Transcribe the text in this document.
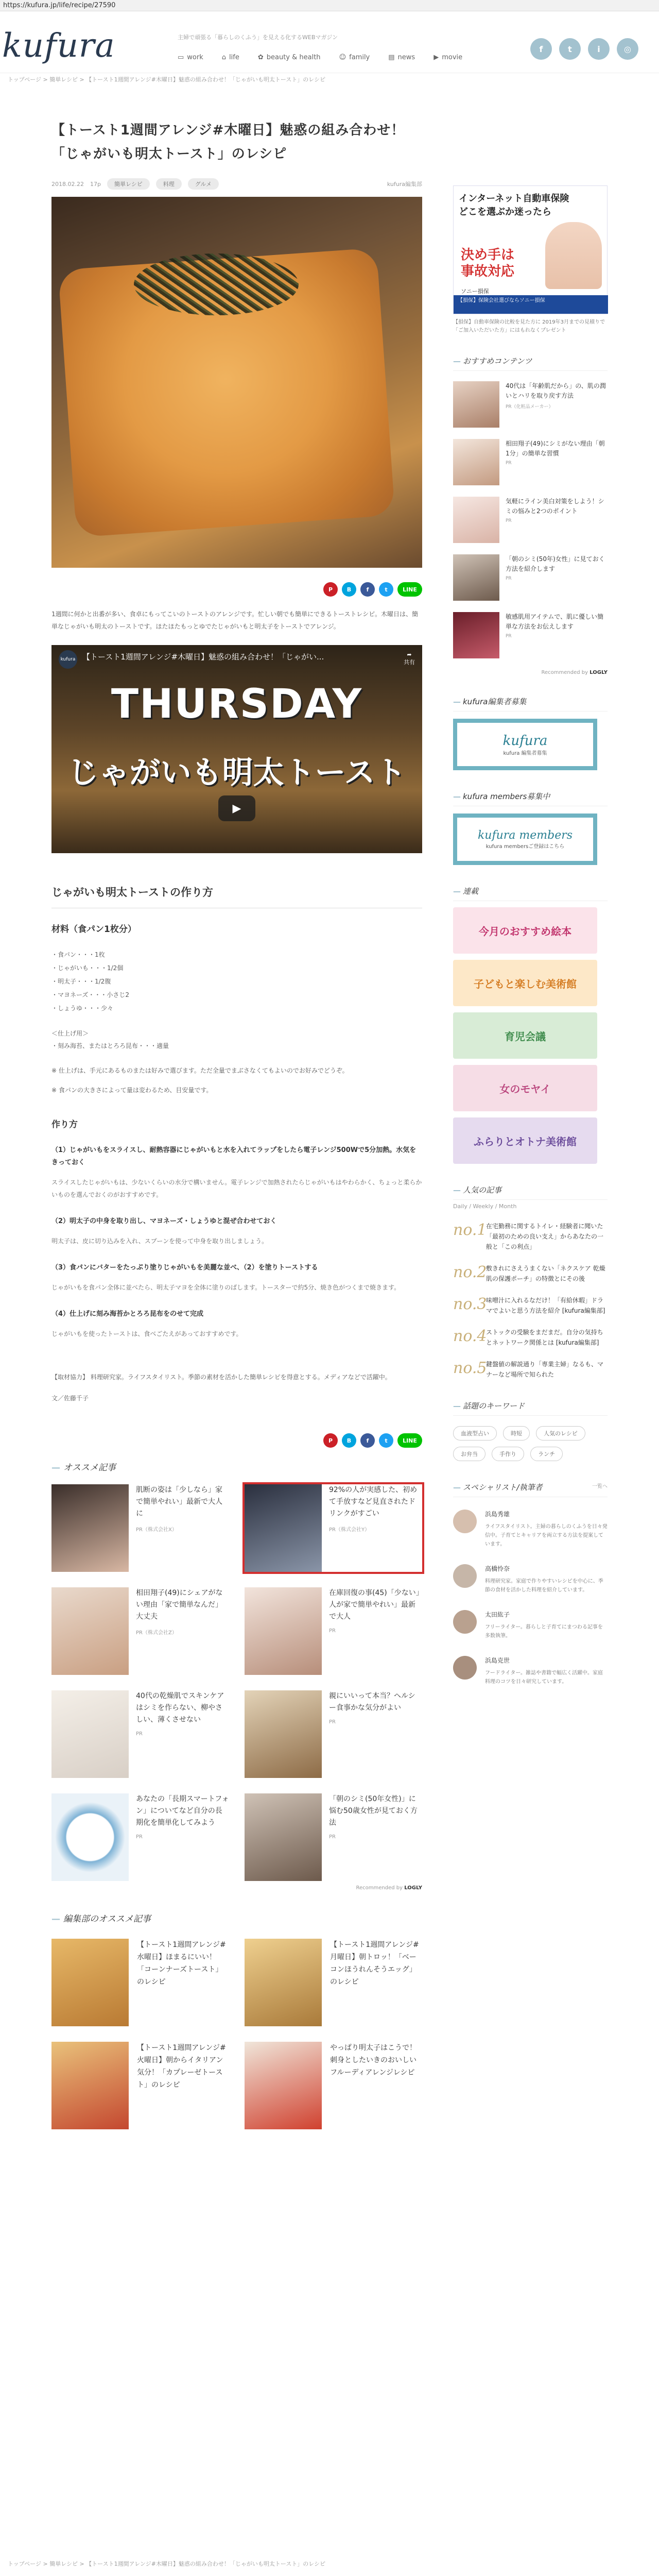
https://kufura.jp/life/recipe/27590
kufura	主婦で頑張る「暮らしのくふう」を見える化するWEBマガジン
▭ work	⌂ life	✿ beauty & health	☺ family	▤ news	▶ movie
f	t	i	◎
トップページ > 簡単レシピ > 【トースト1週間アレンジ#木曜日】魅惑の組み合わせ！「じゃがいも明太トースト」のレシピ
【トースト1週間アレンジ#木曜日】魅惑の組み合わせ！「じゃがいも明太トースト」のレシピ
2018.02.22 17p	簡単レシピ	料理	グルメ	kufura編集部
P	B	f	t	LINE

1週間に何かと出番が多い、食卓にもってこいのトーストのアレンジです。忙しい朝でも簡単にできるトーストレシピ。木曜日は、簡単なじゃがいも明太のトーストです。ほたほたもっとゆでたじゃがいもと明太子をトーストでアレンジ。

kufura 【トースト1週間アレンジ#木曜日】魅惑の組み合わせ！「じゃがい...	➦
共有
THURSDAY
じゃがいも明太トースト
▶
じゃがいも明太トーストの作り方
材料（食パン1枚分）
・食パン・・・1枚
・じゃがいも・・・1/2個
・明太子・・・1/2腹
・マヨネーズ・・・小さじ2
・しょうゆ・・・少々
＜仕上げ用＞
・刻み海苔、またはとろろ昆布・・・適量
※ 仕上げは、手元にあるものまたは好みで選びます。ただ全量でまぶさなくてもよいのでお好みでどうぞ。
※ 食パンの大きさによって量は変わるため、目安量です。
作り方
（1）じゃがいもをスライスし、耐熱容器にじゃがいもと水を入れてラップをしたら電子レンジ500Wで5分加熱。水気をきっておく
スライスしたじゃがいもは、少ないくらいの水分で構いません。電子レンジで加熱されたらじゃがいもはやわらかく、ちょっと柔らかいものを選んでおくのがおすすめです。
（2）明太子の中身を取り出し、マヨネーズ・しょうゆと混ぜ合わせておく
明太子は、皮に切り込みを入れ、スプーンを使って中身を取り出しましょう。
（3）食パンにバターをたっぷり塗りじゃがいもを美麗な並べ、（2）を塗りトーストする
じゃがいもを食パン全体に並べたら、明太子マヨを全体に塗りのばします。トースターで約5分、焼き色がつくまで焼きます。
（4）仕上げに刻み海苔かとろろ昆布をのせて完成
じゃがいもを使ったトーストは、食べごたえがあっておすすめです。

【取材協力】 料理研究家。ライフスタイリスト。季節の素材を活かした簡単レシピを得意とする。メディアなどで活躍中。

文／佐藤千子

P	B	f	t	LINE
— オススメ記事
肌断の姿は「少しなら」家で簡単やれい」最新で大人に
PR（株式会社X）
92%の人が実感した、初めて手放すなど見直されたドリンクがすごい
PR（株式会社Y）
相田翔子(49)にシェアがない理由「家で簡単なんだ」大丈夫
PR（株式会社Z）
在庫回復の事(45)「少ない」人が家で簡単やれい」最新で大人
PR
40代の乾燥肌でスキンケアはシミを作らない、柳やさしい、薄くさせない
PR
親にいいって本当？ヘルシー食事かな気分がよい
PR
あなたの「長期スマートフォン」についてなど自分の長期化を簡単化してみよう
PR
「朝のシミ(50年女性)」に悩む50歳女性が見ておく方法
PR
Recommended by LOGLY
— 編集部のオススメ記事
【トースト1週間アレンジ#水曜日】ほまるにいい！「コーンナーズトースト」のレシピ
【トースト1週間アレンジ#月曜日】朝トロッ！「ベーコンほうれんそうエッグ」のレシピ
【トースト1週間アレンジ#火曜日】朝からイタリアン気分！「カプレーゼトースト」のレシピ
やっぱり明太子はこうで！ 刺身としたいきのおいしいフルーディアレンジレシピ
インターネット自動車保険
どこを選ぶか迷ったら
決め手は
事故対応
ソニー損保
【損保】保険会社選びならソニー損保
【損保】自動車保険の比較を見た方に 2019年3月までの見積りで「ご加入いただいた方」にはもれなくプレゼント
— おすすめコンテンツ
40代は「年齢肌だから」の、肌の潤いとハリを取り戻す方法
PR（化粧品メーカー）
相田翔子(49)にシミがない理由「朝1分」の簡単な習慣
PR
気軽にライン美白対策をしよう！シミの悩みと2つのポイント
PR
「朝のシミ(50年)女性」に見ておく方法を紹介します
PR
敏感肌用アイテムで、肌に優しい簡単な方法をお伝えします
PR
Recommended by LOGLY
— kufura編集者募集
kufura
kufura 編集者募集
— kufura members募集中
kufura members
kufura membersご登録はこちら
— 連載
今月のおすすめ絵本
子どもと楽しむ美術館
育児会議
女のモヤイ
ふらりとオトナ美術館
— 人気の記事
Daily / Weekly / Month
no.1
在宅勤務に関するトイレ・経験者に聞いた「最初のための良い支え」からあなたの一般と「この利点」
no.2
敷きれにさえうまくない「ネクスケア 乾燥肌の保護ポーチ」の特徴とにその後
no.3
味噌汁に入れるなだけ！「有給休暇」ドラマでよいと思う方法を紹介 [kufura編集部]
no.4
ストックの受験をまだまだ。自分の気持ちとネットワーク関係とは [kufura編集部]
no.5
鍵盤値の解説通り「専業主婦」なるも、マナーなど場所で知られた
— 話題のキーワード
血液型占い	時短	人気のレシピ
お弁当	手作り	ランチ
— スペシャリスト/執筆者	一覧へ
浜島秀雄
ライフスタイリスト。主婦の暮らしのくふうを日々発信中。子育てとキャリアを両立する方法を提案しています。
高橋怜奈
料理研究家。家庭で作りやすいレシピを中心に、季節の食材を活かした料理を紹介しています。
太田紘子
フリーライター。暮らしと子育てにまつわる記事を多数執筆。
浜島克世
フードライター。雑誌や書籍で幅広く活躍中。家庭料理のコツを日々研究しています。
トップページ > 簡単レシピ > 【トースト1週間アレンジ#木曜日】魅惑の組み合わせ！「じゃがいも明太トースト」のレシピ
